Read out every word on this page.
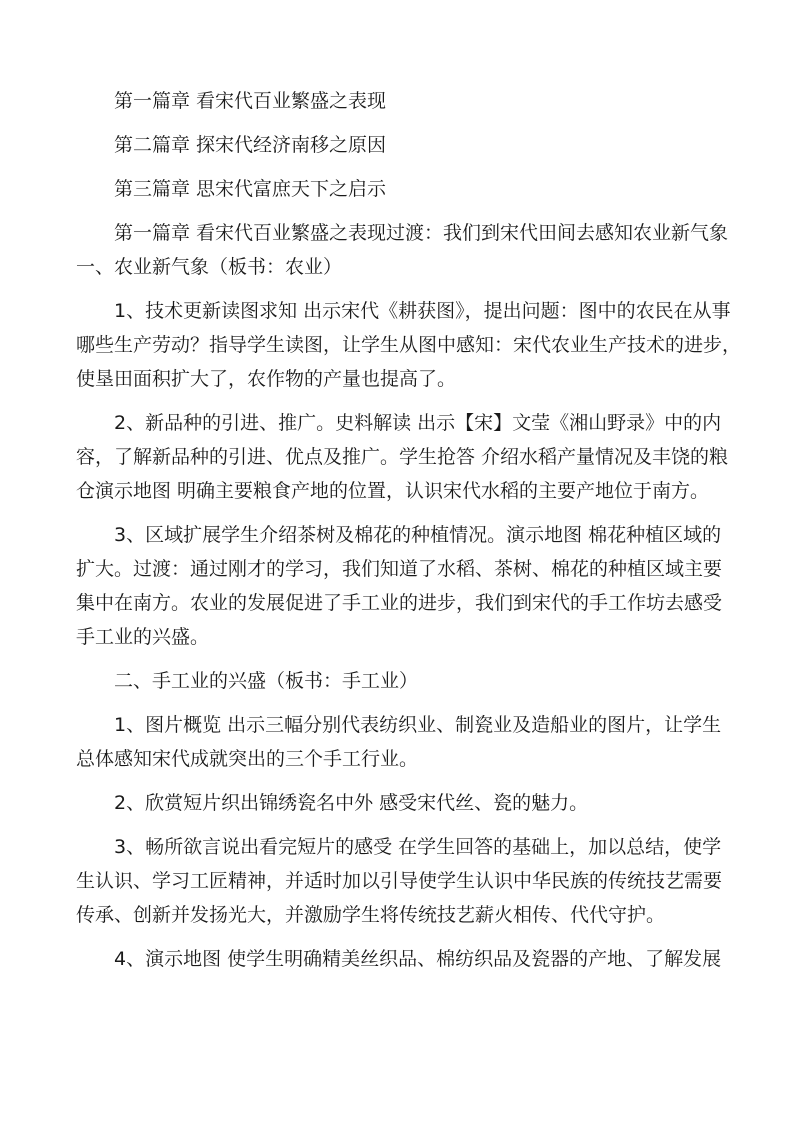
第一篇章 看宋代百业繁盛之表现

第二篇章 探宋代经济南移之原因

第三篇章 思宋代富庶天下之启示

第一篇章 看宋代百业繁盛之表现过渡：我们到宋代田间去感知农业新气象

一、农业新气象（板书：农业）

1、技术更新读图求知 出示宋代《耕获图》，提出问题：图中的农民在从事

哪些生产劳动？指导学生读图，让学生从图中感知：宋代农业生产技术的进步，

使垦田面积扩大了，农作物的产量也提高了。

2、新品种的引进、推广。史料解读 出示【宋】文莹《湘山野录》中的内

容，了解新品种的引进、优点及推广。学生抢答 介绍水稻产量情况及丰饶的粮

仓演示地图 明确主要粮食产地的位置，认识宋代水稻的主要产地位于南方。

3、区域扩展学生介绍茶树及棉花的种植情况。演示地图 棉花种植区域的

扩大。过渡：通过刚才的学习，我们知道了水稻、茶树、棉花的种植区域主要

集中在南方。农业的发展促进了手工业的进步，我们到宋代的手工作坊去感受

手工业的兴盛。

二、手工业的兴盛（板书：手工业）

1、图片概览 出示三幅分别代表纺织业、制瓷业及造船业的图片，让学生

总体感知宋代成就突出的三个手工行业。

2、欣赏短片织出锦绣瓷名中外 感受宋代丝、瓷的魅力。

3、畅所欲言说出看完短片的感受 在学生回答的基础上，加以总结，使学

生认识、学习工匠精神，并适时加以引导使学生认识中华民族的传统技艺需要

传承、创新并发扬光大，并激励学生将传统技艺薪火相传、代代守护。

4、演示地图 使学生明确精美丝织品、棉纺织品及瓷器的产地、了解发展
